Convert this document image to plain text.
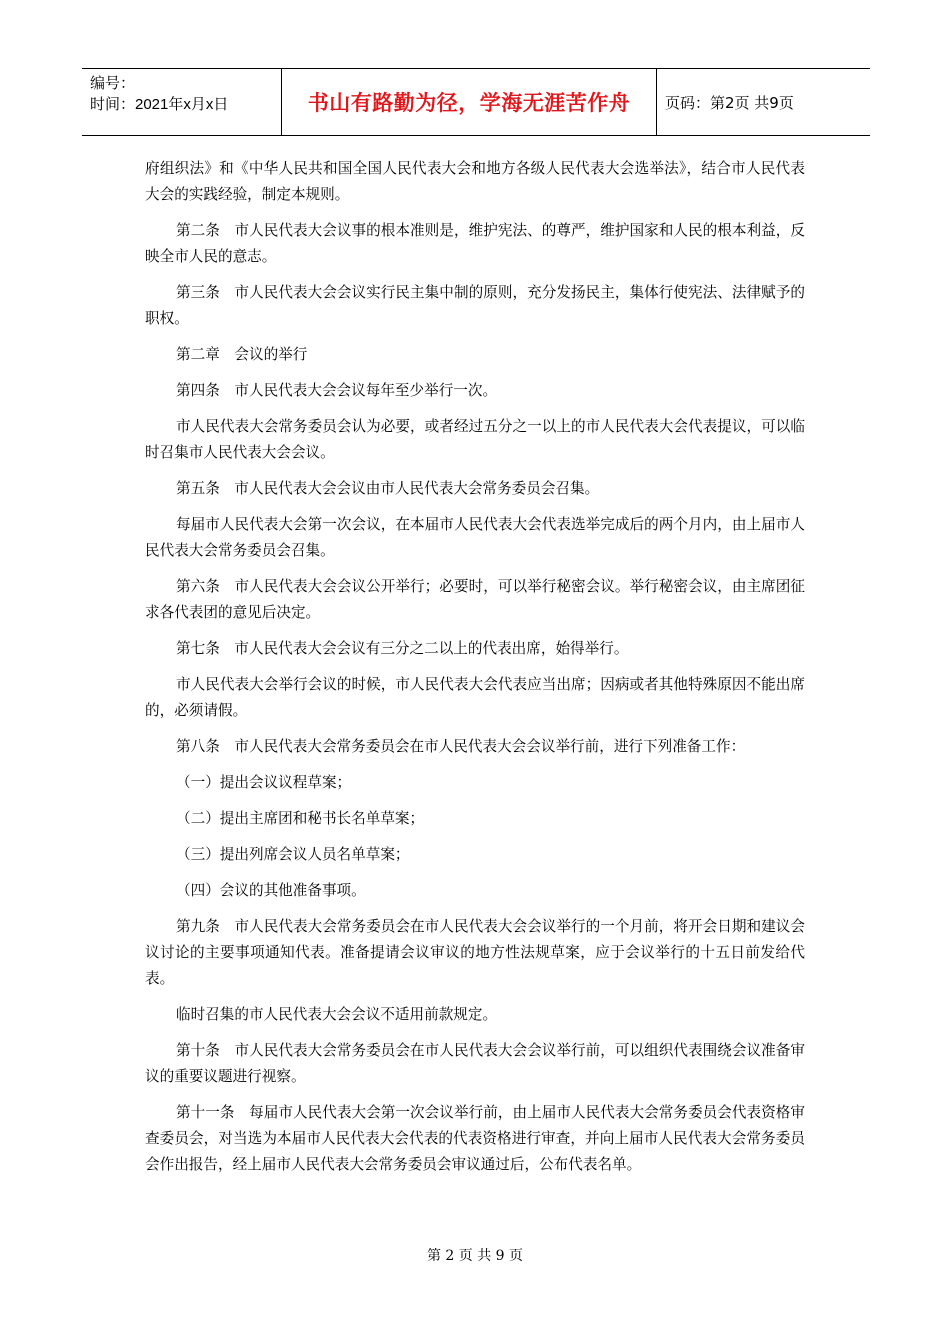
编号：
时间：2021年x月x日	书山有路勤为径，学海无涯苦作舟	页码：第2页 共9页

府组织法》和《中华人民共和国全国人民代表大会和地方各级人民代表大会选举法》，结合市人民代表大会的实践经验，制定本规则。

第二条　市人民代表大会议事的根本准则是，维护宪法、的尊严，维护国家和人民的根本利益，反映全市人民的意志。

第三条　市人民代表大会会议实行民主集中制的原则，充分发扬民主，集体行使宪法、法律赋予的职权。

第二章　会议的举行

第四条　市人民代表大会会议每年至少举行一次。

市人民代表大会常务委员会认为必要，或者经过五分之一以上的市人民代表大会代表提议，可以临时召集市人民代表大会会议。

第五条　市人民代表大会会议由市人民代表大会常务委员会召集。

每届市人民代表大会第一次会议，在本届市人民代表大会代表选举完成后的两个月内，由上届市人民代表大会常务委员会召集。

第六条　市人民代表大会会议公开举行；必要时，可以举行秘密会议。举行秘密会议，由主席团征求各代表团的意见后决定。

第七条　市人民代表大会会议有三分之二以上的代表出席，始得举行。

市人民代表大会举行会议的时候，市人民代表大会代表应当出席；因病或者其他特殊原因不能出席的，必须请假。

第八条　市人民代表大会常务委员会在市人民代表大会会议举行前，进行下列准备工作：

（一）提出会议议程草案；

（二）提出主席团和秘书长名单草案；

（三）提出列席会议人员名单草案；

（四）会议的其他准备事项。

第九条　市人民代表大会常务委员会在市人民代表大会会议举行的一个月前，将开会日期和建议会议讨论的主要事项通知代表。准备提请会议审议的地方性法规草案，应于会议举行的十五日前发给代表。

临时召集的市人民代表大会会议不适用前款规定。

第十条　市人民代表大会常务委员会在市人民代表大会会议举行前，可以组织代表围绕会议准备审议的重要议题进行视察。

第十一条　每届市人民代表大会第一次会议举行前，由上届市人民代表大会常务委员会代表资格审查委员会，对当选为本届市人民代表大会代表的代表资格进行审查，并向上届市人民代表大会常务委员会作出报告，经上届市人民代表大会常务委员会审议通过后，公布代表名单。

第 2 页 共 9 页
